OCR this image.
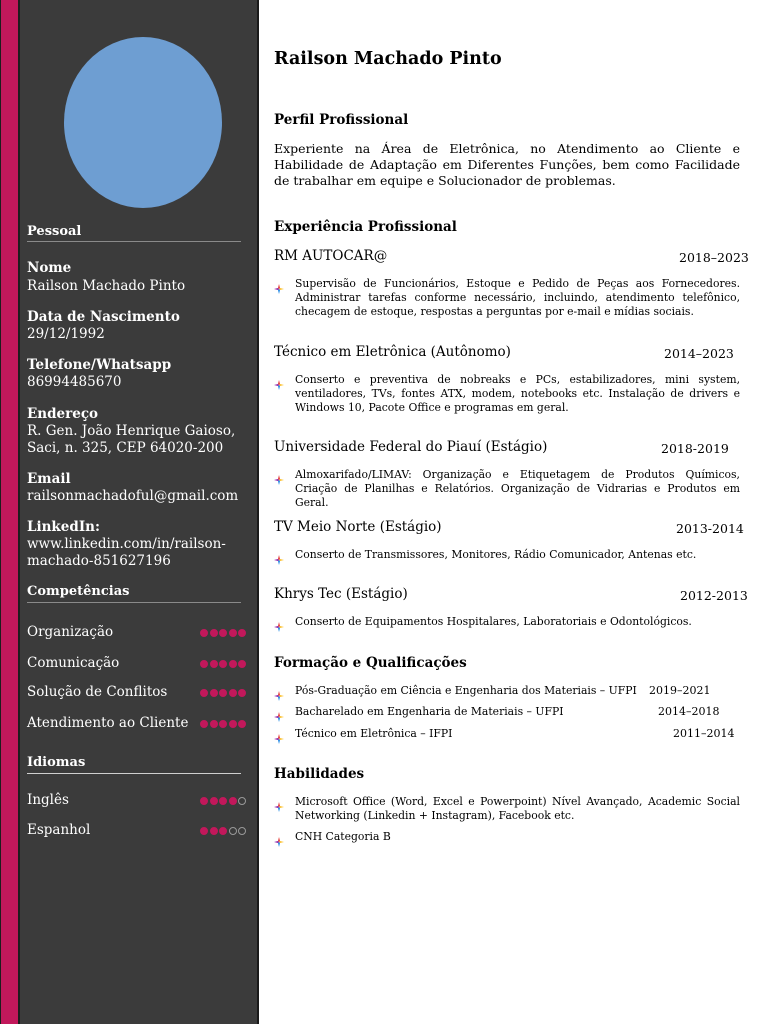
Pessoal
Nome
Railson Machado Pinto
Data de Nascimento
29/12/1992
Telefone/Whatsapp
86994485670
Endereço
R. Gen. João Henrique Gaioso, Saci, n. 325, CEP 64020-200
Email
railsonmachadoful@gmail.com
LinkedIn:
www.linkedin.com/in/railson-machado-851627196
Competências
Organização
Comunicação
Solução de Conflitos
Atendimento ao Cliente
Idiomas
Inglês
Espanhol
Railson Machado Pinto
Perfil Profissional
Experiente na Área de Eletrônica, no Atendimento ao Cliente e Habilidade de Adaptação em Diferentes Funções, bem como Facilidade de trabalhar em equipe e Solucionador de problemas.
Experiência Profissional
RM AUTOCAR@	2018–2023
Supervisão de Funcionários, Estoque e Pedido de Peças aos Fornecedores. Administrar tarefas conforme necessário, incluindo, atendimento telefônico, checagem de estoque, respostas a perguntas por e-mail e mídias sociais.
Técnico em Eletrônica (Autônomo)	2014–2023
Conserto e preventiva de nobreaks e PCs, estabilizadores, mini system, ventiladores, TVs, fontes ATX, modem, notebooks etc. Instalação de drivers e Windows 10, Pacote Office e programas em geral.
Universidade Federal do Piauí (Estágio)	2018-2019
Almoxarifado/LIMAV: Organização e Etiquetagem de Produtos Químicos, Criação de Planilhas e Relatórios. Organização de Vidrarias e Produtos em Geral.
TV Meio Norte (Estágio)	2013-2014
Conserto de Transmissores, Monitores, Rádio Comunicador, Antenas etc.
Khrys Tec (Estágio)	2012-2013
Conserto de Equipamentos Hospitalares, Laboratoriais e Odontológicos.
Formação e Qualificações
Pós-Graduação em Ciência e Engenharia dos Materiais – UFPI 2019–2021
Bacharelado em Engenharia de Materiais – UFPI	2014–2018
Técnico em Eletrônica – IFPI	2011–2014
Habilidades
Microsoft Office (Word, Excel e Powerpoint) Nível Avançado, Academic Social Networking (Linkedin + Instagram), Facebook etc.
CNH Categoria B
